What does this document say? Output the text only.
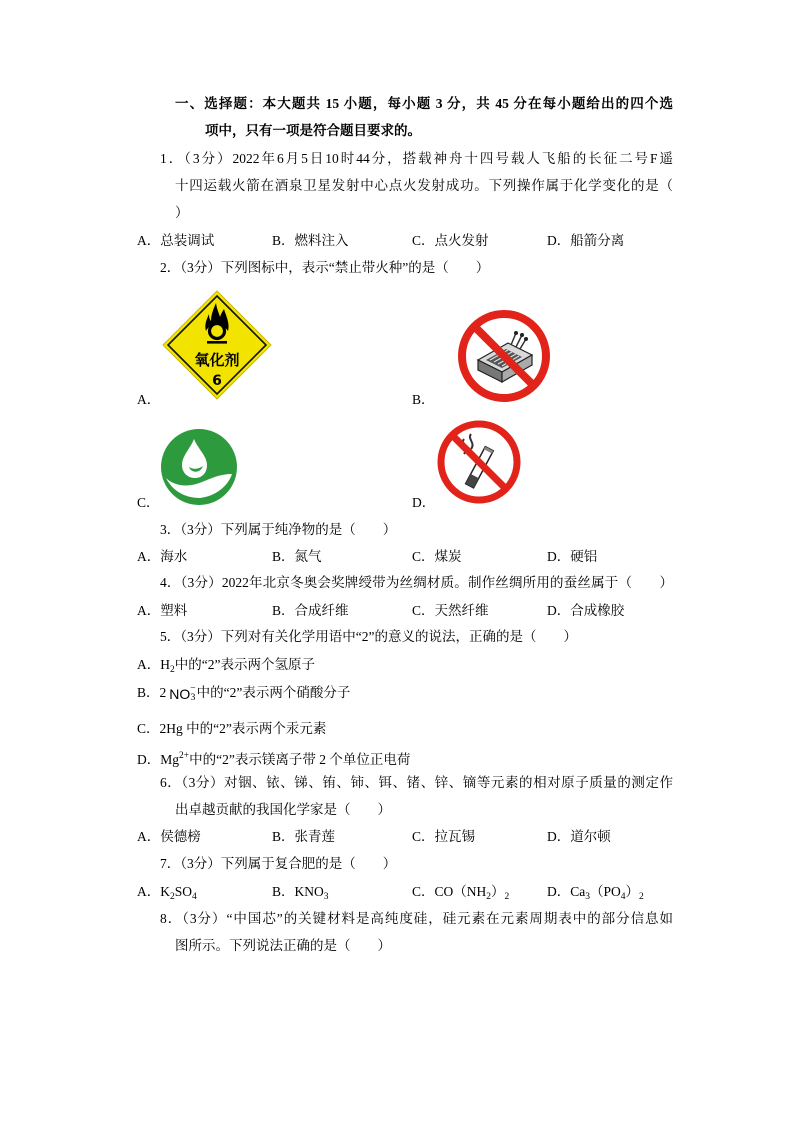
一、选择题：本大题共 15 小题，每小题 3 分，共 45 分在每小题给出的四个选
项中，只有一项是符合题目要求的。
1．（3分）2022年6月5日10时44分，搭载神舟十四号载人飞船的长征二号F遥
十四运载火箭在酒泉卫星发射中心点火发射成功。下列操作属于化学变化的是（
）
A．总装调试	B．燃料注入	C．点火发射	D．船箭分离
2．（3分）下列图标中，表示“禁止带火种”的是（　　）
氧化剂
6
A．	B．
C．	D．
3．（3分）下列属于纯净物的是（　　）
A．海水	B．氮气	C．煤炭	D．硬铝
4．（3分）2022年北京冬奥会奖牌绶带为丝绸材质。制作丝绸所用的蚕丝属于（　　）
A．塑料	B．合成纤维	C．天然纤维	D．合成橡胶
5．（3分）下列对有关化学用语中“2”的意义的说法，正确的是（　　）
A．$H_2$中的“2”表示两个氢原子
B．2 NO −
3 中的“2”表示两个硝酸分子
C．2Hg 中的“2”表示两个汞元素
D．$Mg^{2+}$中的“2”表示镁离子带 2 个单位正电荷
6．（3分）对铟、铱、锑、铕、铈、铒、锗、锌、镝等元素的相对原子质量的测定作
出卓越贡献的我国化学家是（　　）
A．侯德榜	B．张青莲	C．拉瓦锡	D．道尔顿
7．（3分）下列属于复合肥的是（　　）
A．$K_2SO_4$	B．$KNO_3$	C．$CO(NH_2)_2$	D．$Ca_3(PO_4)_2$
8．（3分）“中国芯”的关键材料是高纯度硅，硅元素在元素周期表中的部分信息如
图所示。下列说法正确的是（　　）
